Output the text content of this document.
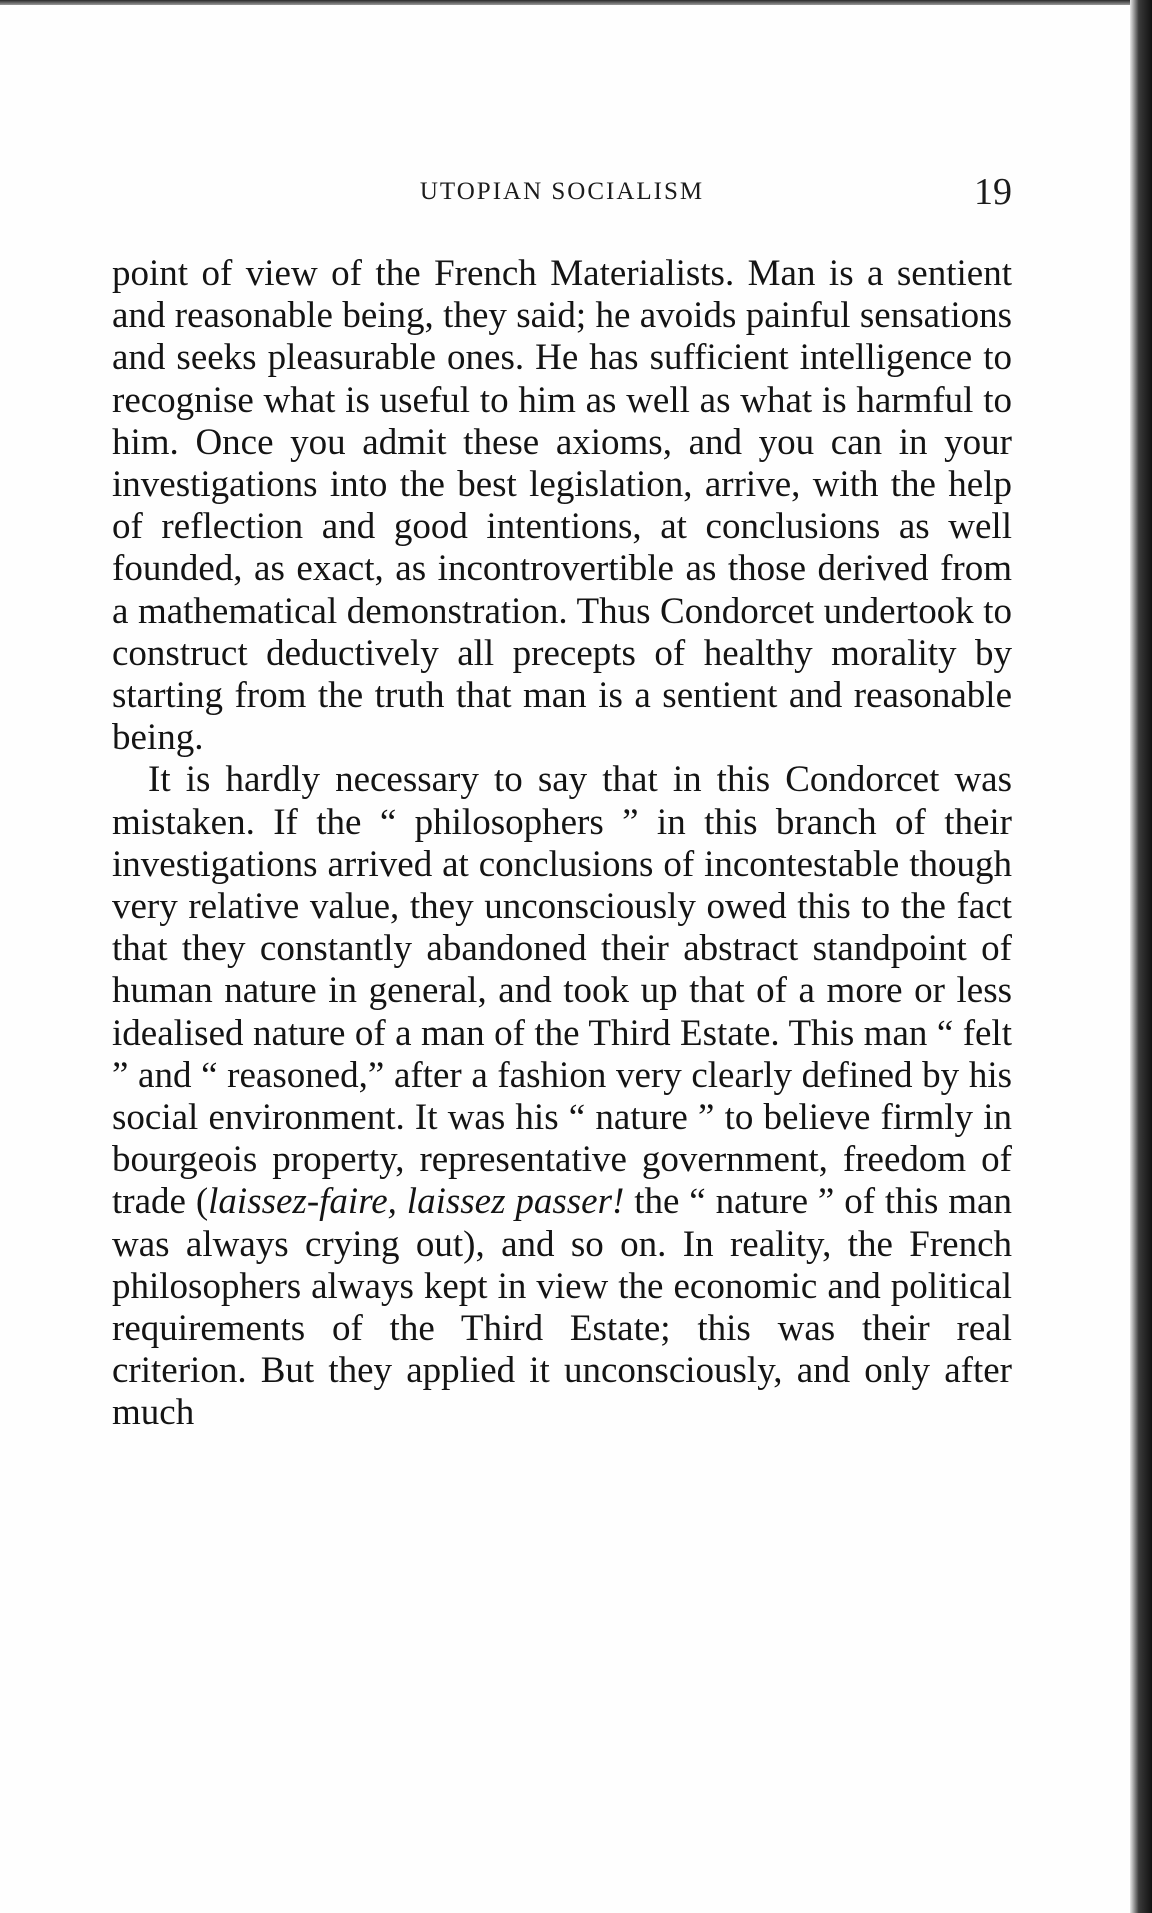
UTOPIAN SOCIALISM	19

point of view of the French Materialists. Man is a sentient and reasonable being, they said; he avoids painful sensations and seeks pleasurable ones. He has sufficient intelligence to recognise what is useful to him as well as what is harmful to him. Once you admit these axioms, and you can in your investigations into the best legislation, arrive, with the help of reflection and good intentions, at conclusions as well founded, as exact, as incontrovertible as those derived from a mathematical demonstration. Thus Condorcet undertook to construct deductively all precepts of healthy morality by starting from the truth that man is a sentient and reasonable being.

It is hardly necessary to say that in this Condorcet was mistaken. If the “ philosophers ” in this branch of their investigations arrived at conclusions of incontestable though very relative value, they unconsciously owed this to the fact that they constantly abandoned their abstract standpoint of human nature in general, and took up that of a more or less idealised nature of a man of the Third Estate. This man “ felt ” and “ reasoned,” after a fashion very clearly defined by his social environment. It was his “ nature ” to believe firmly in bourgeois property, representative government, freedom of trade (laissez-faire, laissez passer! the “ nature ” of this man was always crying out), and so on. In reality, the French philosophers always kept in view the economic and political requirements of the Third Estate; this was their real criterion. But they applied it unconsciously, and only after much
